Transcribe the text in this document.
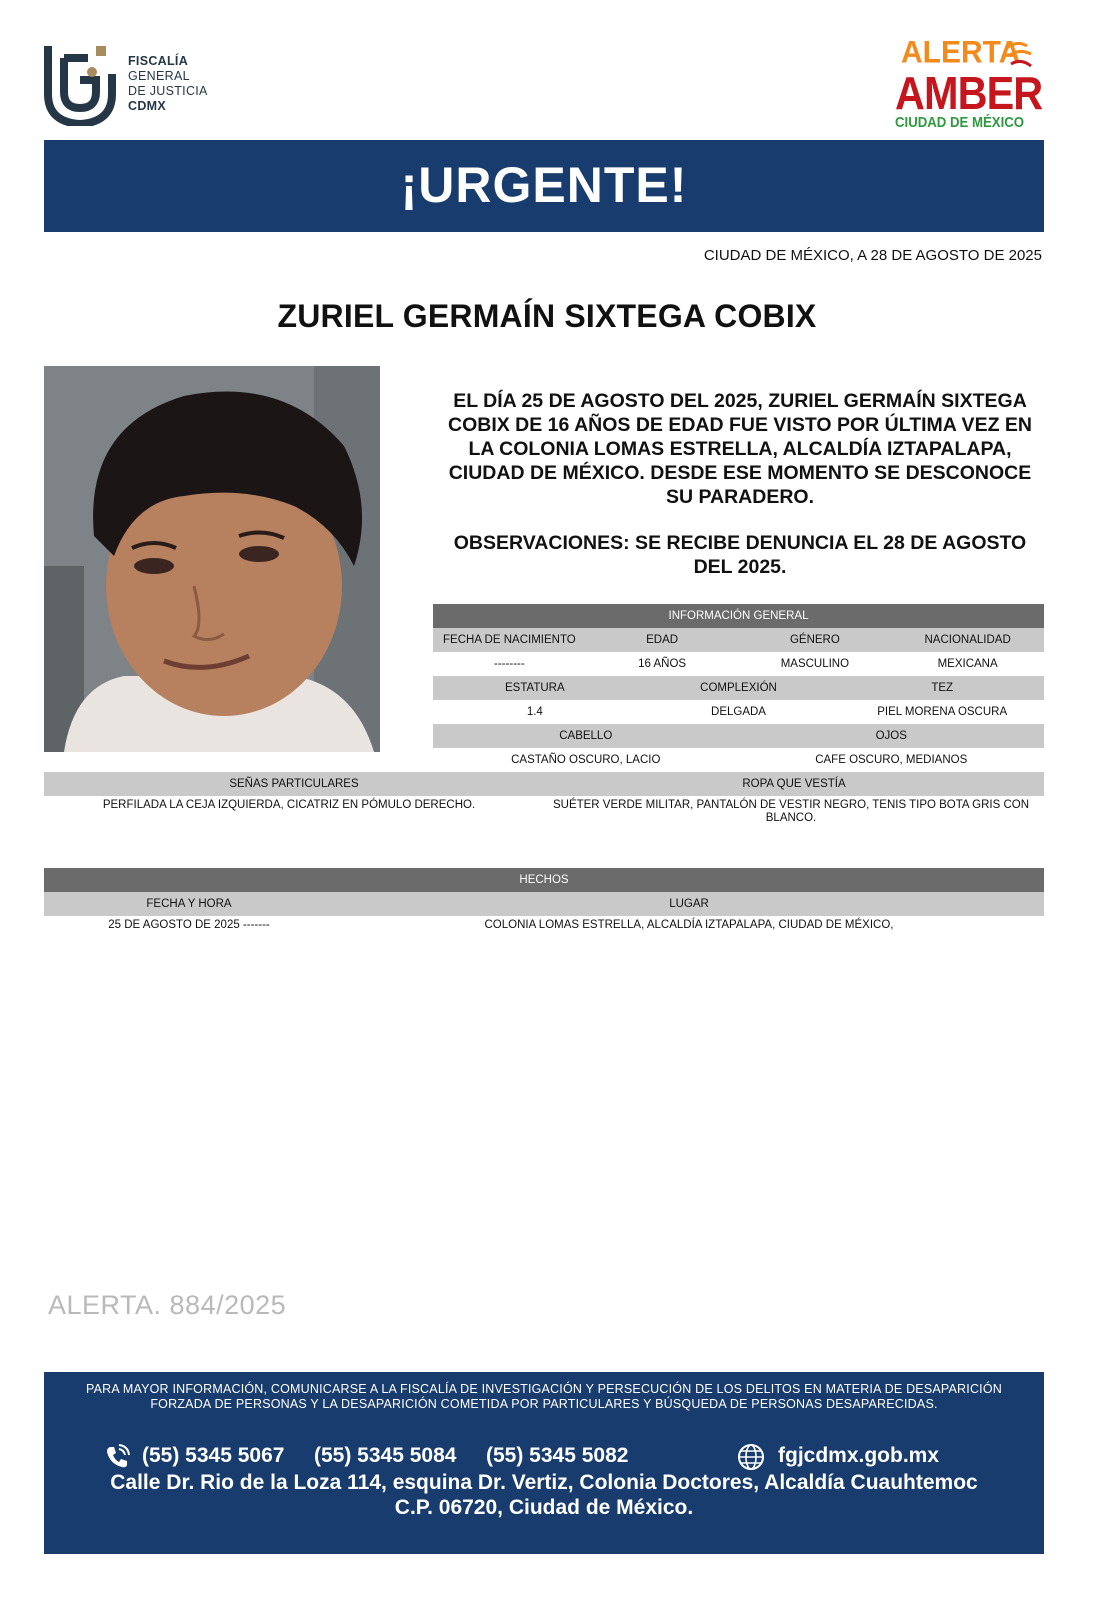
FISCALÍA
GENERAL
DE JUSTICIA
CDMX
ALERTA
AMBER
CIUDAD DE MÉXICO
¡URGENTE!
CIUDAD DE MÉXICO, A 28 DE AGOSTO DE 2025
ZURIEL GERMAÍN SIXTEGA COBIX
EL DÍA 25 DE AGOSTO DEL 2025, ZURIEL GERMAÍN SIXTEGA COBIX DE 16 AÑOS DE EDAD FUE VISTO POR ÚLTIMA VEZ EN LA COLONIA LOMAS ESTRELLA, ALCALDÍA IZTAPALAPA, CIUDAD DE MÉXICO. DESDE ESE MOMENTO SE DESCONOCE SU PARADERO.
OBSERVACIONES: SE RECIBE DENUNCIA EL 28 DE AGOSTO DEL 2025.
INFORMACIÓN GENERAL
FECHA DE NACIMIENTO	EDAD	GÉNERO	NACIONALIDAD
--------	16 AÑOS	MASCULINO	MEXICANA
ESTATURA	COMPLEXIÓN	TEZ
1.4	DELGADA	PIEL MORENA OSCURA
CABELLO	OJOS
CASTAÑO OSCURO, LACIO	CAFE OSCURO, MEDIANOS
SEÑAS PARTICULARES	ROPA QUE VESTÍA
PERFILADA LA CEJA IZQUIERDA, CICATRIZ EN PÓMULO DERECHO.	SUÉTER VERDE MILITAR, PANTALÓN DE VESTIR NEGRO, TENIS TIPO BOTA GRIS CON BLANCO.
HECHOS
FECHA Y HORA	LUGAR
25 DE AGOSTO DE 2025 -------	COLONIA LOMAS ESTRELLA, ALCALDÍA IZTAPALAPA, CIUDAD DE MÉXICO,
ALERTA. 884/2025
PARA MAYOR INFORMACIÓN, COMUNICARSE A LA FISCALÍA DE INVESTIGACIÓN Y PERSECUCIÓN DE LOS DELITOS EN MATERIA DE DESAPARICIÓN FORZADA DE PERSONAS Y LA DESAPARICIÓN COMETIDA POR PARTICULARES Y BÚSQUEDA DE PERSONAS DESAPARECIDAS.
(55) 5345 5067 (55) 5345 5084 (55) 5345 5082	fgjcdmx.gob.mx
Calle Dr. Rio de la Loza 114, esquina Dr. Vertiz, Colonia Doctores, Alcaldía Cuauhtemoc
C.P. 06720, Ciudad de México.
